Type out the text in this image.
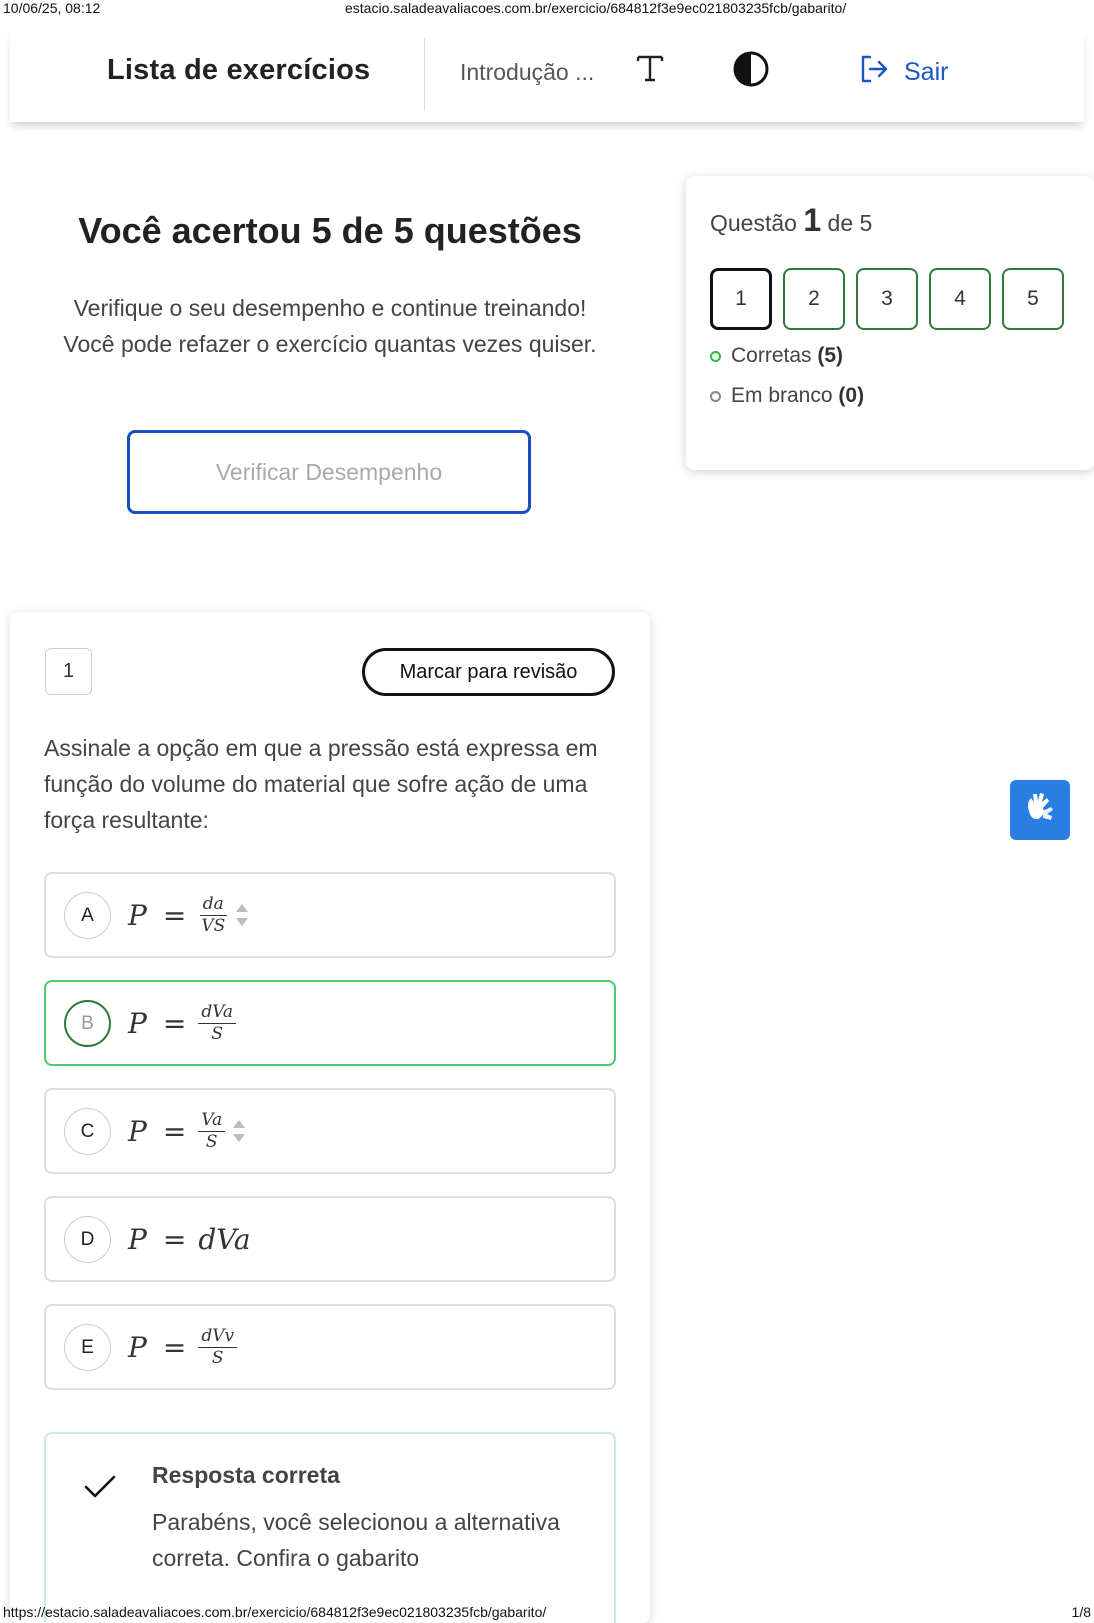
10/06/25, 08:12	estacio.saladeavaliacoes.com.br/exercicio/684812f3e9ec021803235fcb/gabarito/
Lista de exercícios	Introdução ...	Sair
Você acertou 5 de 5 questões

Verifique o seu desempenho e continue treinando! Você pode refazer o exercício quantas vezes quiser.

Verificar Desempenho
Questão 1 de 5
1	2	3	4	5
Corretas (5)
Em branco (0)
1	Marcar para revisão
Assinale a opção em que a pressão está expressa em função do volume do material que sofre ação de uma força resultante:
A	$P = \frac{da}{VS}$
B	$P = \frac{\text{dVa}}{S}$
C	$P = \frac{Va}{S}$
D	P = dVa
E	$P = \frac{\text{dVv}}{S}$
Resposta correta
Parabéns, você selecionou a alternativa correta. Confira o gabarito
https://estacio.saladeavaliacoes.com.br/exercicio/684812f3e9ec021803235fcb/gabarito/	1/8
